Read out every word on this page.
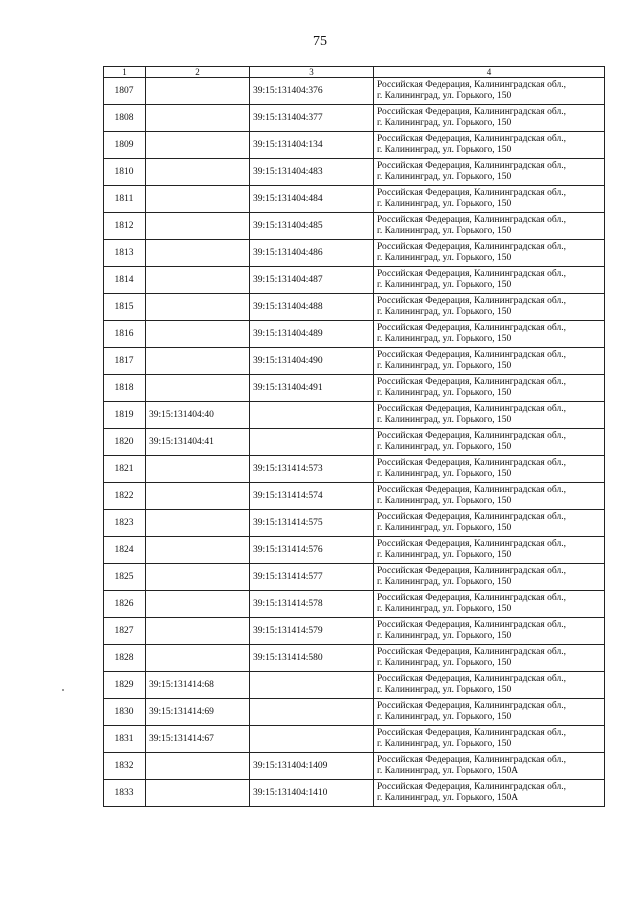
75
1	2	3	4
1807		39:15:131404:376	Российская Федерация, Калининградская обл.,
г. Калининград, ул. Горького, 150

1808		39:15:131404:377	Российская Федерация, Калининградская обл.,
г. Калининград, ул. Горького, 150

1809		39:15:131404:134	Российская Федерация, Калининградская обл.,
г. Калининград, ул. Горького, 150

1810		39:15:131404:483	Российская Федерация, Калининградская обл.,
г. Калининград, ул. Горького, 150

1811		39:15:131404:484	Российская Федерация, Калининградская обл.,
г. Калининград, ул. Горького, 150

1812		39:15:131404:485	Российская Федерация, Калининградская обл.,
г. Калининград, ул. Горького, 150

1813		39:15:131404:486	Российская Федерация, Калининградская обл.,
г. Калининград, ул. Горького, 150

1814		39:15:131404:487	Российская Федерация, Калининградская обл.,
г. Калининград, ул. Горького, 150

1815		39:15:131404:488	Российская Федерация, Калининградская обл.,
г. Калининград, ул. Горького, 150

1816		39:15:131404:489	Российская Федерация, Калининградская обл.,
г. Калининград, ул. Горького, 150

1817		39:15:131404:490	Российская Федерация, Калининградская обл.,
г. Калининград, ул. Горького, 150

1818		39:15:131404:491	Российская Федерация, Калининградская обл.,
г. Калининград, ул. Горького, 150

1819	39:15:131404:40		Российская Федерация, Калининградская обл.,
г. Калининград, ул. Горького, 150

1820	39:15:131404:41		Российская Федерация, Калининградская обл.,
г. Калининград, ул. Горького, 150

1821		39:15:131414:573	Российская Федерация, Калининградская обл.,
г. Калининград, ул. Горького, 150

1822		39:15:131414:574	Российская Федерация, Калининградская обл.,
г. Калининград, ул. Горького, 150

1823		39:15:131414:575	Российская Федерация, Калининградская обл.,
г. Калининград, ул. Горького, 150

1824		39:15:131414:576	Российская Федерация, Калининградская обл.,
г. Калининград, ул. Горького, 150

1825		39:15:131414:577	Российская Федерация, Калининградская обл.,
г. Калининград, ул. Горького, 150

1826		39:15:131414:578	Российская Федерация, Калининградская обл.,
г. Калининград, ул. Горького, 150

1827		39:15:131414:579	Российская Федерация, Калининградская обл.,
г. Калининград, ул. Горького, 150

1828		39:15:131414:580	Российская Федерация, Калининградская обл.,
г. Калининград, ул. Горького, 150

1829	39:15:131414:68		Российская Федерация, Калининградская обл.,
г. Калининград, ул. Горького, 150

1830	39:15:131414:69		Российская Федерация, Калининградская обл.,
г. Калининград, ул. Горького, 150

1831	39:15:131414:67		Российская Федерация, Калининградская обл.,
г. Калининград, ул. Горького, 150

1832		39:15:131404:1409	Российская Федерация, Калининградская обл.,
г. Калининград, ул. Горького, 150А

1833		39:15:131404:1410	Российская Федерация, Калининградская обл.,
г. Калининград, ул. Горького, 150А
